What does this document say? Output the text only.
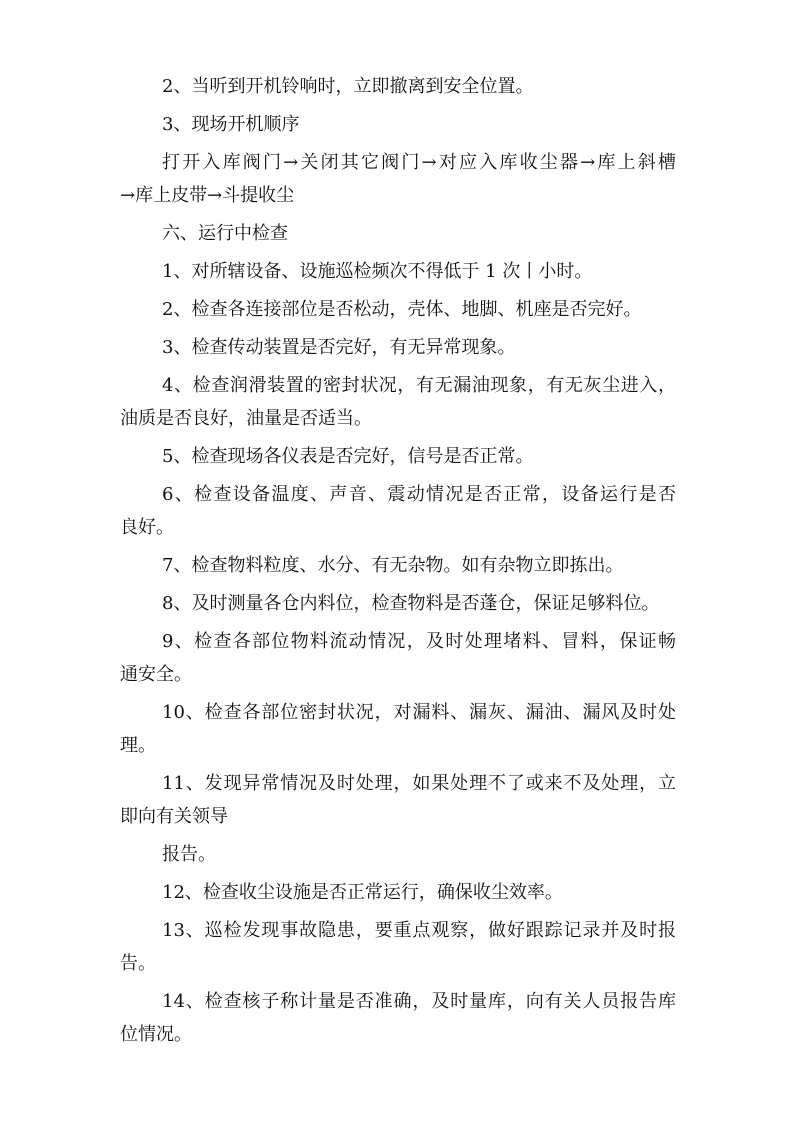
2、当听到开机铃响时，立即撤离到安全位置。
3、现场开机顺序
打开入库阀门→关闭其它阀门→对应入库收尘器→库上斜槽
→库上皮带→斗提收尘
六、运行中检查
1、对所辖设备、设施巡检频次不得低于 1 次丨小时。
2、检查各连接部位是否松动，壳体、地脚、机座是否完好。
3、检查传动装置是否完好，有无异常现象。
4、检查润滑装置的密封状况，有无漏油现象，有无灰尘进入，
油质是否良好，油量是否适当。
5、检查现场各仪表是否完好，信号是否正常。
6、检查设备温度、声音、震动情况是否正常，设备运行是否
良好。
7、检查物料粒度、水分、有无杂物。如有杂物立即拣出。
8、及时测量各仓内料位，检查物料是否蓬仓，保证足够料位。
9、检查各部位物料流动情况，及时处理堵料、冒料，保证畅
通安全。
10、检查各部位密封状况，对漏料、漏灰、漏油、漏风及时处
理。
11、发现异常情况及时处理，如果处理不了或来不及处理，立
即向有关领导
报告。
12、检查收尘设施是否正常运行，确保收尘效率。
13、巡检发现事故隐患，要重点观察，做好跟踪记录并及时报
告。
14、检查核子称计量是否准确，及时量库，向有关人员报告库
位情况。
